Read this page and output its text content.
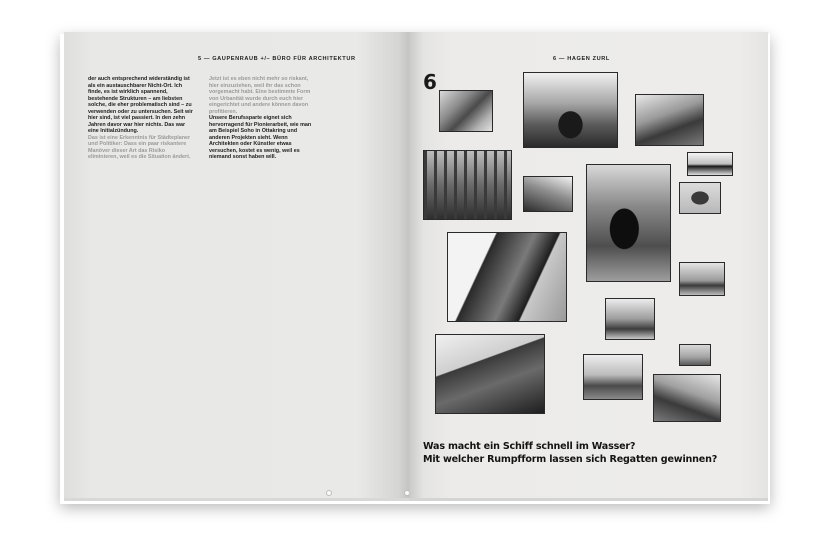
5 — GAUPENRAUB +/– BÜRO FÜR ARCHITEKTUR

der auch entsprechend widerständig ist als ein austauschbarer Nicht-Ort. Ich finde, es ist wirklich spannend, bestehende Strukturen – am liebsten solche, die eher problematisch sind – zu verwenden oder zu untersuchen. Seit wir hier sind, ist viel passiert. In den zehn Jahren davor war hier nichts. Das war eine Initialzündung.

Das ist eine Erkenntnis für Städteplaner und Politiker: Dass ein paar riskantere Manöver dieser Art das Risiko eliminieren, weil es die Situation ändert.

Jetzt ist es eben nicht mehr so riskant, hier einzuziehen, weil ihr das schon vorgemacht habt. Eine bestimmte Form von Urbanität wurde durch euch hier eingerichtet und andere können davon profitieren.

Unsere Berufssparte eignet sich hervorragend für Pionierarbeit, wie man am Beispiel Soho in Ottakring und anderen Projekten sieht. Wenn Architekten oder Künstler etwas versuchen, kostet es wenig, weil es niemand sonst haben will.

6 — HAGEN ZURL
6

Was macht ein Schiff schnell im Wasser?

Mit welcher Rumpfform lassen sich Regatten gewinnen?
